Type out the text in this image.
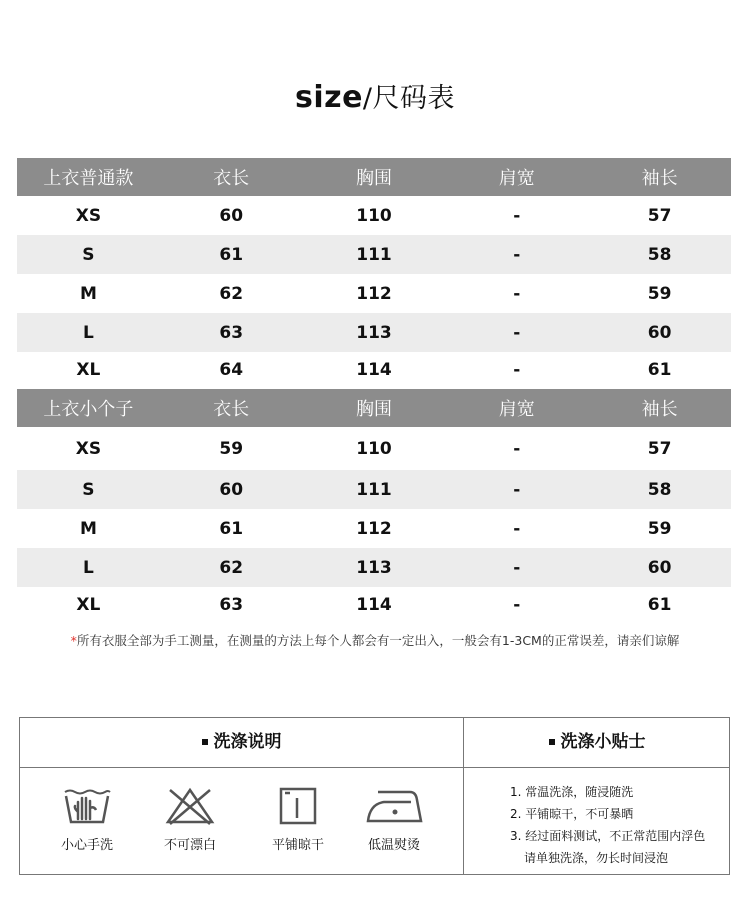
size/尺码表
上衣普通款	衣长	胸围	肩宽	袖长
XS	60	110	-	57
S	61	111	-	58
M	62	112	-	59
L	63	113	-	60
XL	64	114	-	61
上衣小个子	衣长	胸围	肩宽	袖长
XS	59	110	-	57
S	60	111	-	58
M	61	112	-	59
L	62	113	-	60
XL	63	114	-	61
*所有衣服全部为手工测量，在测量的方法上每个人都会有一定出入，一般会有1-3CM的正常误差，请亲们谅解
洗涤说明	洗涤小贴士
小心手洗	不可漂白	平铺晾干	低温熨烫
1. 常温洗涤，随浸随洗
2. 平铺晾干，不可暴晒
3. 经过面料测试，不正常范围内浮色
请单独洗涤，勿长时间浸泡
